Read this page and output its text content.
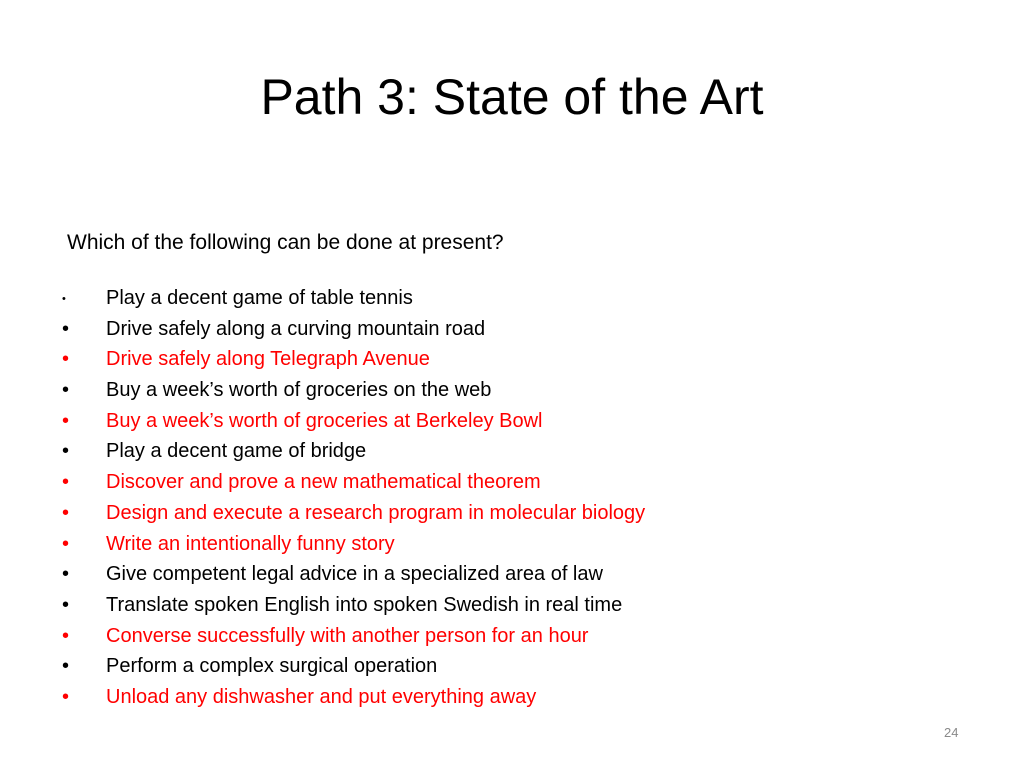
Path 3: State of the Art
Which of the following can be done at present?
• Play a decent game of table tennis
• Drive safely along a curving mountain road
• Drive safely along Telegraph Avenue
• Buy a week’s worth of groceries on the web
• Buy a week’s worth of groceries at Berkeley Bowl
• Play a decent game of bridge
• Discover and prove a new mathematical theorem
• Design and execute a research program in molecular biology
• Write an intentionally funny story
• Give competent legal advice in a specialized area of law
• Translate spoken English into spoken Swedish in real time
• Converse successfully with another person for an hour
• Perform a complex surgical operation
• Unload any dishwasher and put everything away
24
